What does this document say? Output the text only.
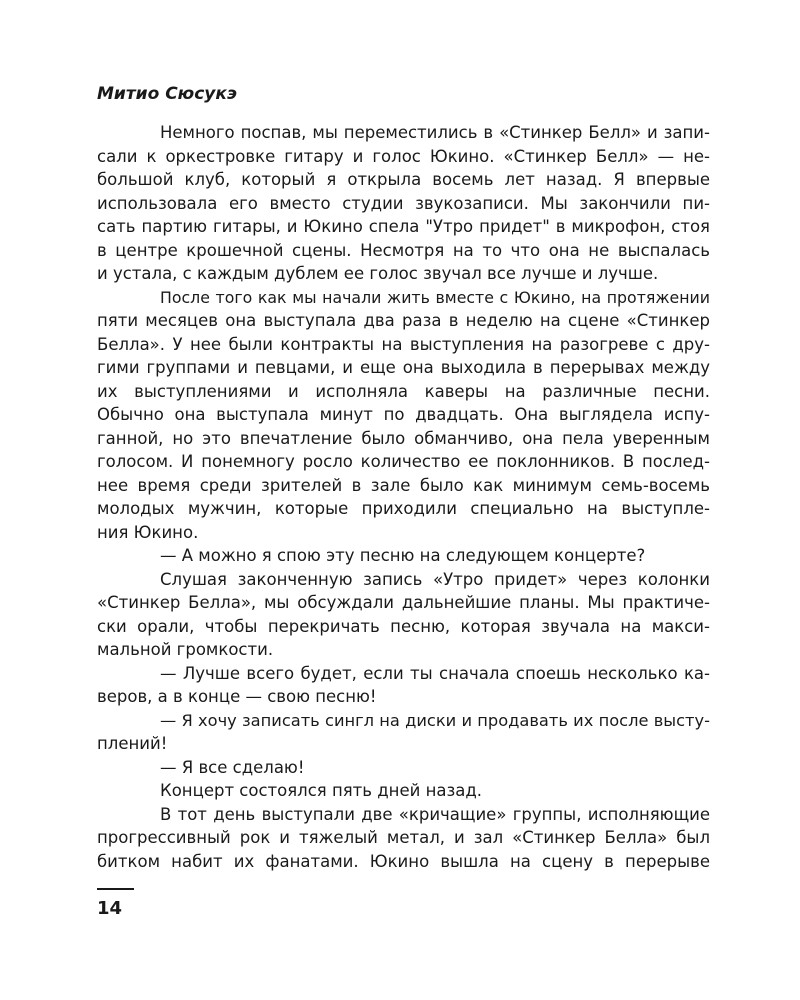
Митио Сюсукэ
Немного поспав, мы переместились в «Стинкер Белл» и запи-
сали к оркестровке гитару и голос Юкино. «Стинкер Белл» — не-
большой клуб, который я открыла восемь лет назад. Я впервые
использовала его вместо студии звукозаписи. Мы закончили пи-
сать партию гитары, и Юкино спела "Утро придет" в микрофон, стоя
в центре крошечной сцены. Несмотря на то что она не выспалась
и устала, с каждым дублем ее голос звучал все лучше и лучше.
После того как мы начали жить вместе с Юкино, на протяжении
пяти месяцев она выступала два раза в неделю на сцене «Стинкер
Белла». У нее были контракты на выступления на разогреве с дру-
гими группами и певцами, и еще она выходила в перерывах между
их выступлениями и исполняла каверы на различные песни.
Обычно она выступала минут по двадцать. Она выглядела испу-
ганной, но это впечатление было обманчиво, она пела уверенным
голосом. И понемногу росло количество ее поклонников. В послед-
нее время среди зрителей в зале было как минимум семь-восемь
молодых мужчин, которые приходили специально на выступле-
ния Юкино.
— А можно я спою эту песню на следующем концерте?
Слушая законченную запись «Утро придет» через колонки
«Стинкер Белла», мы обсуждали дальнейшие планы. Мы практиче-
ски орали, чтобы перекричать песню, которая звучала на макси-
мальной громкости.
— Лучше всего будет, если ты сначала споешь несколько ка-
веров, а в конце — свою песню!
— Я хочу записать сингл на диски и продавать их после высту-
плений!
— Я все сделаю!
Концерт состоялся пять дней назад.
В тот день выступали две «кричащие» группы, исполняющие
прогрессивный рок и тяжелый метал, и зал «Стинкер Белла» был
битком набит их фанатами. Юкино вышла на сцену в перерыве
14
